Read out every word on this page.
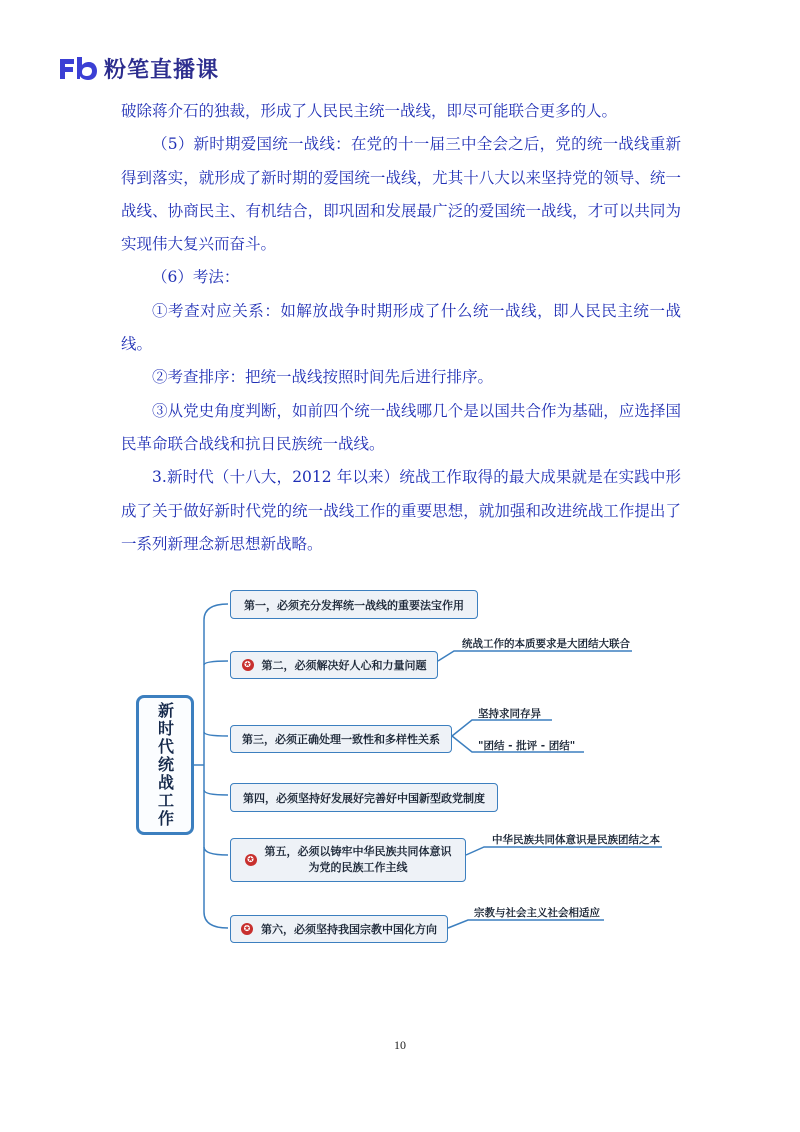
粉笔直播课

破除蒋介石的独裁，形成了人民民主统一战线，即尽可能联合更多的人。

（5）新时期爱国统一战线：在党的十一届三中全会之后，党的统一战线重新得到落实，就形成了新时期的爱国统一战线，尤其十八大以来坚持党的领导、统一战线、协商民主、有机结合，即巩固和发展最广泛的爱国统一战线，才可以共同为实现伟大复兴而奋斗。

（6）考法：

①考查对应关系：如解放战争时期形成了什么统一战线，即人民民主统一战线。

②考查排序：把统一战线按照时间先后进行排序。

③从党史角度判断，如前四个统一战线哪几个是以国共合作为基础，应选择国民革命联合战线和抗日民族统一战线。

3.新时代（十八大，2012 年以来）统战工作取得的最大成果就是在实践中形成了关于做好新时代党的统一战线工作的重要思想，就加强和改进统战工作提出了一系列新理念新思想新战略。

新时代统战工作
第一，必须充分发挥统一战线的重要法宝作用
✪ 第二，必须解决好人心和力量问题
第三，必须正确处理一致性和多样性关系
第四，必须坚持好发展好完善好中国新型政党制度
✪
第五，必须以铸牢中华民族共同体意识
为党的民族工作主线
✪ 第六，必须坚持我国宗教中国化方向
统战工作的本质要求是大团结大联合
坚持求同存异
"团结 - 批评 - 团结"
中华民族共同体意识是民族团结之本
宗教与社会主义社会相适应
10
